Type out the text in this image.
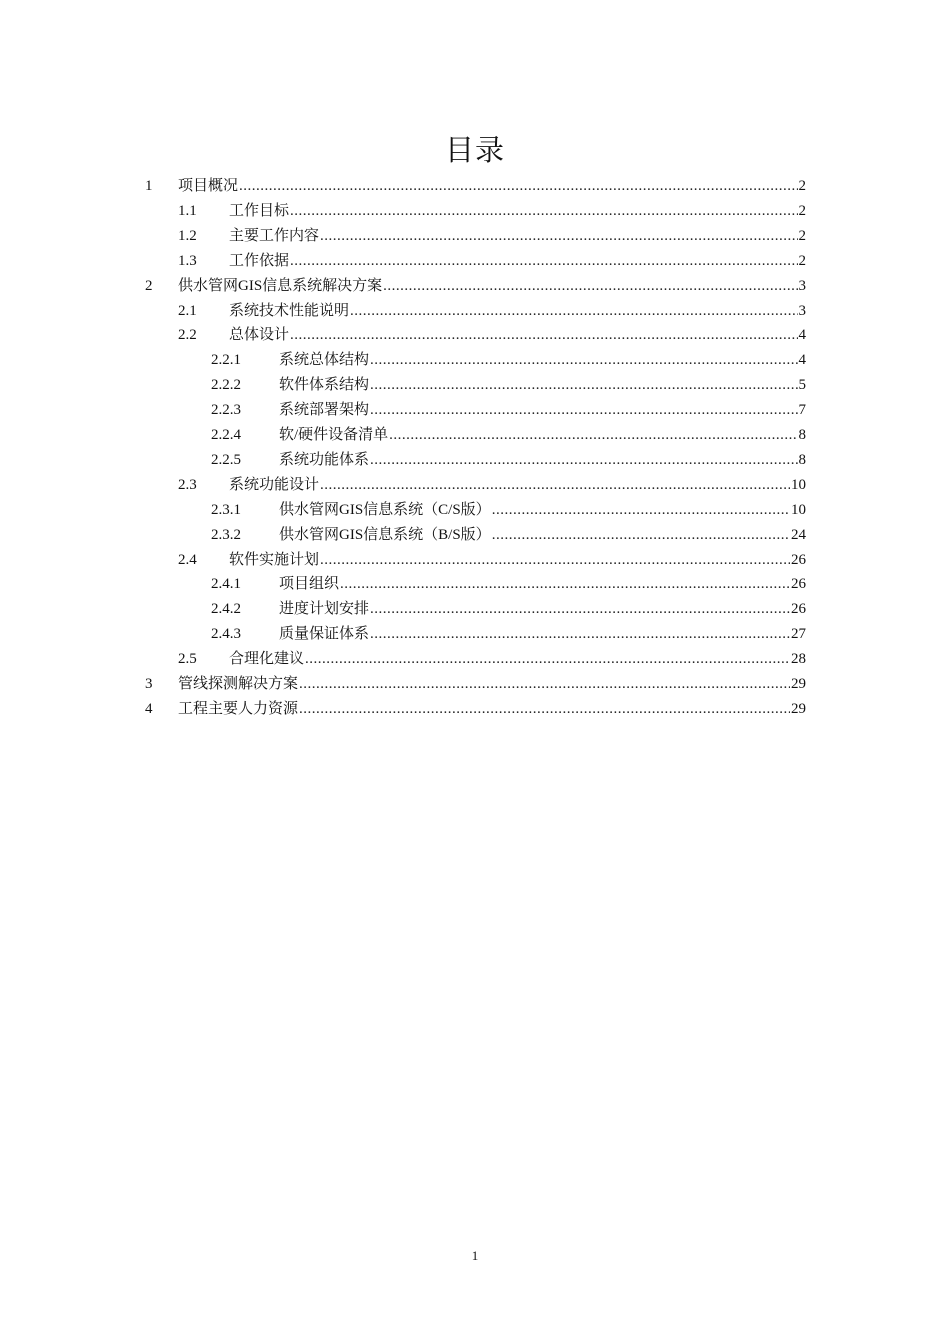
目录
1	项目概况 .....	2
1.1	工作目标 .....	2
1.2	主要工作内容 .....	2
1.3	工作依据 .....	2
2	供水管网GIS信息系统解决方案 .....	3
2.1	系统技术性能说明 .....	3
2.2	总体设计 .....	4
2.2.1	系统总体结构 .....	4
2.2.2	软件体系结构 .....	5
2.2.3	系统部署架构 .....	7
2.2.4	软/硬件设备清单 .....	8
2.2.5	系统功能体系 .....	8
2.3	系统功能设计 .....	10
2.3.1	供水管网GIS信息系统（C/S版） .....	10
2.3.2	供水管网GIS信息系统（B/S版） .....	24
2.4	软件实施计划 .....	26
2.4.1	项目组织 .....	26
2.4.2	进度计划安排 .....	26
2.4.3	质量保证体系 .....	27
2.5	合理化建议 .....	28
3	管线探测解决方案 .....	29
4	工程主要人力资源 .....	29
1
